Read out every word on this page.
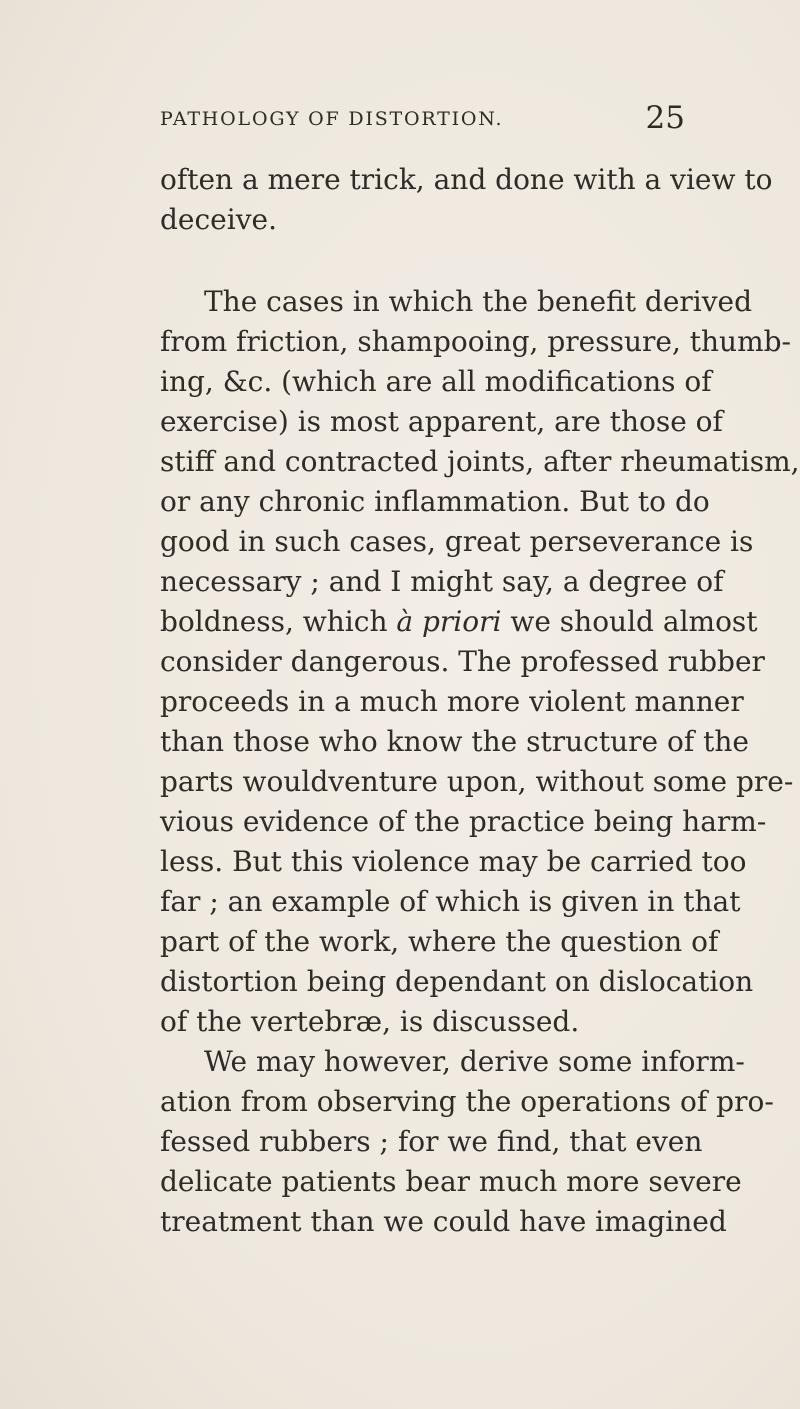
PATHOLOGY OF DISTORTION.	25
often a mere trick, and done with a view to
deceive.
The cases in which the benefit derived
from friction, shampooing, pressure, thumb-
ing, &c. (which are all modifications of
exercise) is most apparent, are those of
stiff and contracted joints, after rheumatism,
or any chronic inflammation. But to do
good in such cases, great perseverance is
necessary ; and I might say, a degree of
boldness, which à priori we should almost
consider dangerous. The professed rubber
proceeds in a much more violent manner
than those who know the structure of the
parts wouldventure upon, without some pre-
vious evidence of the practice being harm-
less. But this violence may be carried too
far ; an example of which is given in that
part of the work, where the question of
distortion being dependant on dislocation
of the vertebræ, is discussed.
We may however, derive some inform-
ation from observing the operations of pro-
fessed rubbers ; for we find, that even
delicate patients bear much more severe
treatment than we could have imagined
